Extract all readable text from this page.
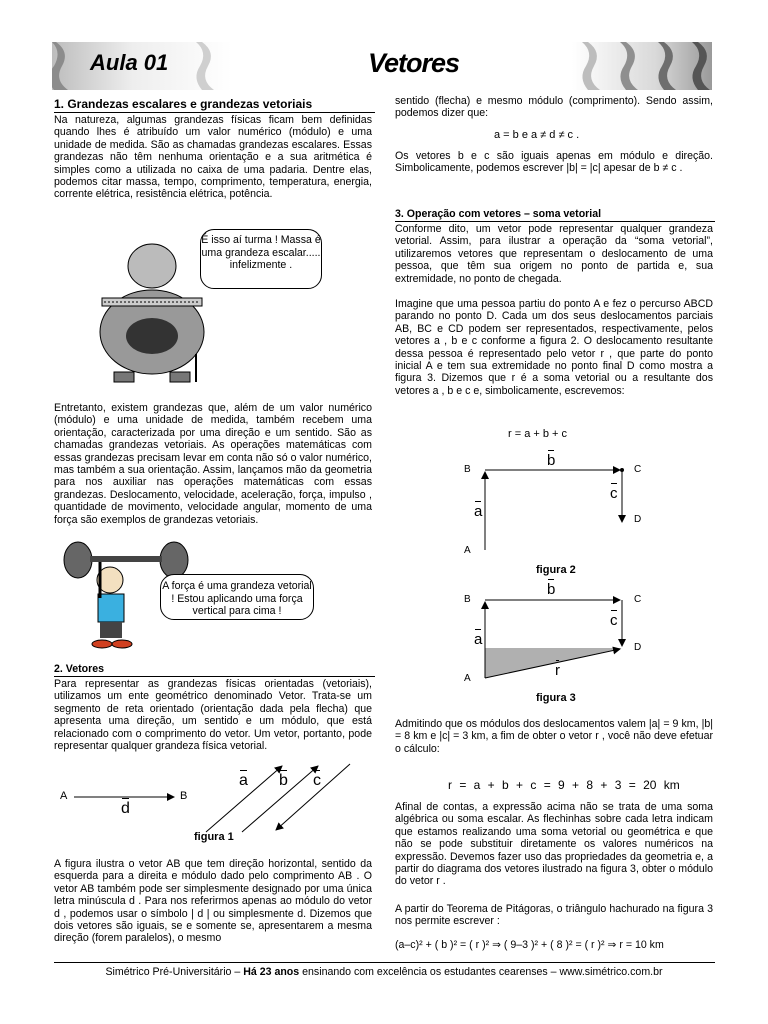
Aula 01	Vetores
1. Grandezas escalares e grandezas vetoriais
Na natureza, algumas grandezas físicas ficam bem definidas quando lhes é atribuído um valor numérico (módulo) e uma unidade de medida. São as chamadas grandezas escalares. Essas grandezas não têm nenhuma orientação e a sua aritmética é simples como a utilizada no caixa de uma padaria. Dentre elas, podemos citar massa, tempo, comprimento, temperatura, energia, corrente elétrica, resistência elétrica, potência.
É isso aí turma ! Massa é uma grandeza escalar..... infelizmente .
Entretanto, existem grandezas que, além de um valor numérico (módulo) e uma unidade de medida, também recebem uma orientação, caracterizada por uma direção e um sentido. São as chamadas grandezas vetoriais. As operações matemáticas com essas grandezas precisam levar em conta não só o valor numérico, mas também a sua orientação. Assim, lançamos mão da geometria para nos auxiliar nas operações matemáticas com essas grandezas. Deslocamento, velocidade, aceleração, força, impulso , quantidade de movimento, velocidade angular, momento de uma força são exemplos de grandezas vetoriais.
A força é uma grandeza vetorial ! Estou aplicando uma força vertical para cima !
2. Vetores
Para representar as grandezas físicas orientadas (vetoriais), utilizamos um ente geométrico denominado Vetor. Trata-se um segmento de reta orientado (orientação dada pela flecha) que apresenta uma direção, um sentido e um módulo, que está relacionado com o comprimento do vetor. Um vetor, portanto, pode representar qualquer grandeza física vetorial.
A	B
d
a b c
figura 1
A figura ilustra o vetor AB que tem direção horizontal, sentido da esquerda para a direita e módulo dado pelo comprimento AB . O vetor AB também pode ser simplesmente designado por uma única letra minúscula d . Para nos referirmos apenas ao módulo do vetor d , podemos usar o símbolo | d | ou simplesmente d. Dizemos que dois vetores são iguais, se e somente se, apresentarem a mesma direção (forem paralelos), o mesmo
sentido (flecha) e mesmo módulo (comprimento). Sendo assim, podemos dizer que:
a = b e a ≠ d ≠ c .
Os vetores b e c são iguais apenas em módulo e direção. Simbolicamente, podemos escrever |b| = |c| apesar de b ≠ c .
3. Operação com vetores – soma vetorial
Conforme dito, um vetor pode representar qualquer grandeza vetorial. Assim, para ilustrar a operação da “soma vetorial”, utilizaremos vetores que representam o deslocamento de uma pessoa, que têm sua origem no ponto de partida e, sua extremidade, no ponto de chegada.
Imagine que uma pessoa partiu do ponto A e fez o percurso ABCD parando no ponto D. Cada um dos seus deslocamentos parciais AB, BC e CD podem ser representados, respectivamente, pelos vetores a , b e c conforme a figura 2. O deslocamento resultante dessa pessoa é representado pelo vetor r , que parte do ponto inicial A e tem sua extremidade no ponto final D como mostra a figura 3. Dizemos que r é a soma vetorial ou a resultante dos vetores a , b e c e, simbolicamente, escrevemos:
r = a + b + c
B	C
D
A
b
a
c
figura 2
B	C
D
A
b
a
c
r
figura 3
Admitindo que os módulos dos deslocamentos valem |a| = 9 km, |b| = 8 km e |c| = 3 km, a fim de obter o vetor r , você não deve efetuar o cálculo:
r = a + b + c = 9 + 8 + 3 = 20 km
Afinal de contas, a expressão acima não se trata de uma soma algébrica ou soma escalar. As flechinhas sobre cada letra indicam que estamos realizando uma soma vetorial ou geométrica e que não se pode substituir diretamente os valores numéricos na expressão. Devemos fazer uso das propriedades da geometria e, a partir do diagrama dos vetores ilustrado na figura 3, obter o módulo do vetor r .
A partir do Teorema de Pitágoras, o triângulo hachurado na figura 3 nos permite escrever :
(a–c)² + ( b )² = ( r )² ⇒ ( 9–3 )² + ( 8 )² = ( r )² ⇒ r = 10 km
Simétrico Pré-Universitário – Há 23 anos ensinando com excelência os estudantes cearenses – www.simétrico.com.br
